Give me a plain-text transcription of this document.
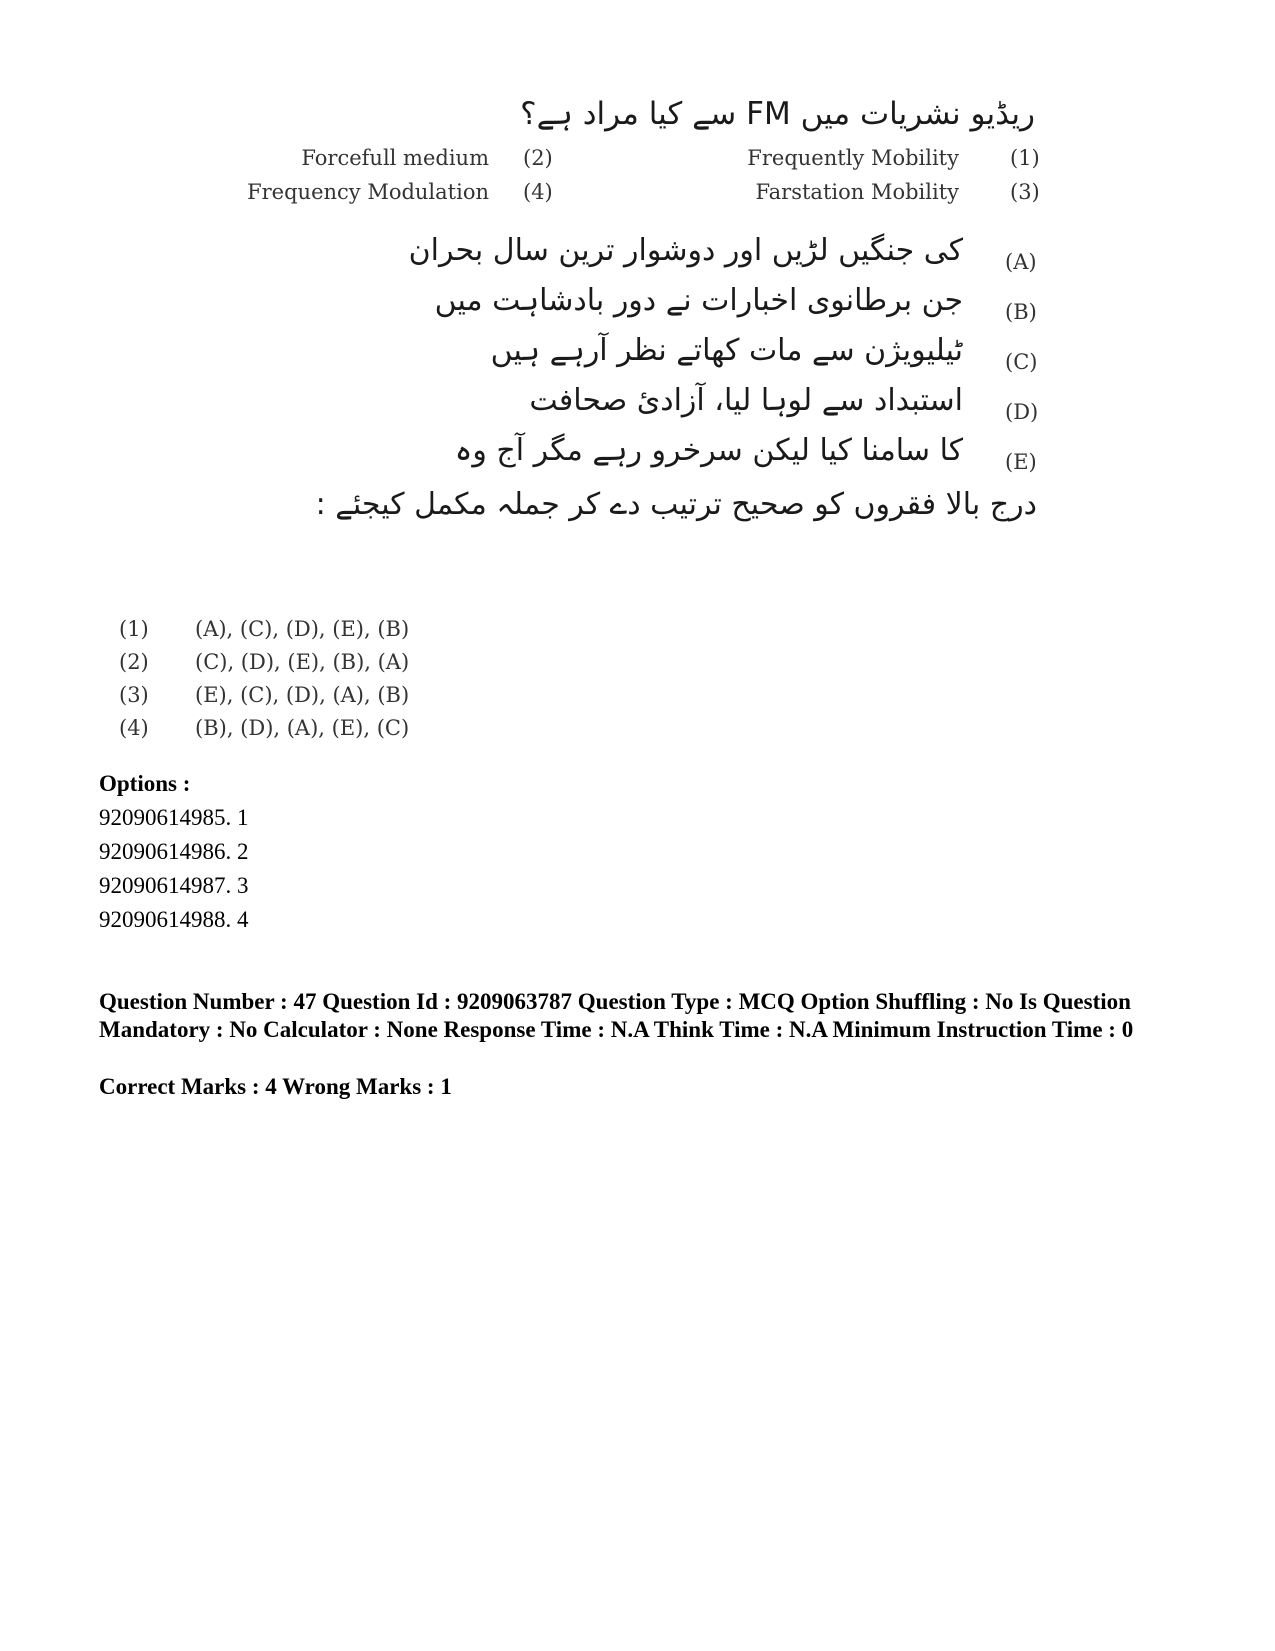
ریڈیو نشریات میں FM سے کیا مراد ہے؟
(1)
Frequently Mobility
(2)
Forcefull medium
(3)
Farstation Mobility
(4)
Frequency Modulation
(A)
کی جنگیں لڑیں اور دوشوار ترین سال بحران
(B)
جن برطانوی اخبارات نے دور بادشاہت میں
(C)
ٹیلیویژن سے مات کھاتے نظر آرہے ہیں
(D)
استبداد سے لوہا لیا، آزادئ صحافت
(E)
کا سامنا کیا لیکن سرخرو رہے مگر آج وہ
درج بالا فقروں کو صحیح ترتیب دے کر جملہ مکمل کیجئے :
(1) (A), (C), (D), (E), (B)
(2) (C), (D), (E), (B), (A)
(3) (E), (C), (D), (A), (B)
(4) (B), (D), (A), (E), (C)
Options :
92090614985. 1
92090614986. 2
92090614987. 3
92090614988. 4
Question Number : 47 Question Id : 9209063787 Question Type : MCQ Option Shuffling : No Is Question Mandatory : No Calculator : None Response Time : N.A Think Time : N.A Minimum Instruction Time : 0
Correct Marks : 4 Wrong Marks : 1
